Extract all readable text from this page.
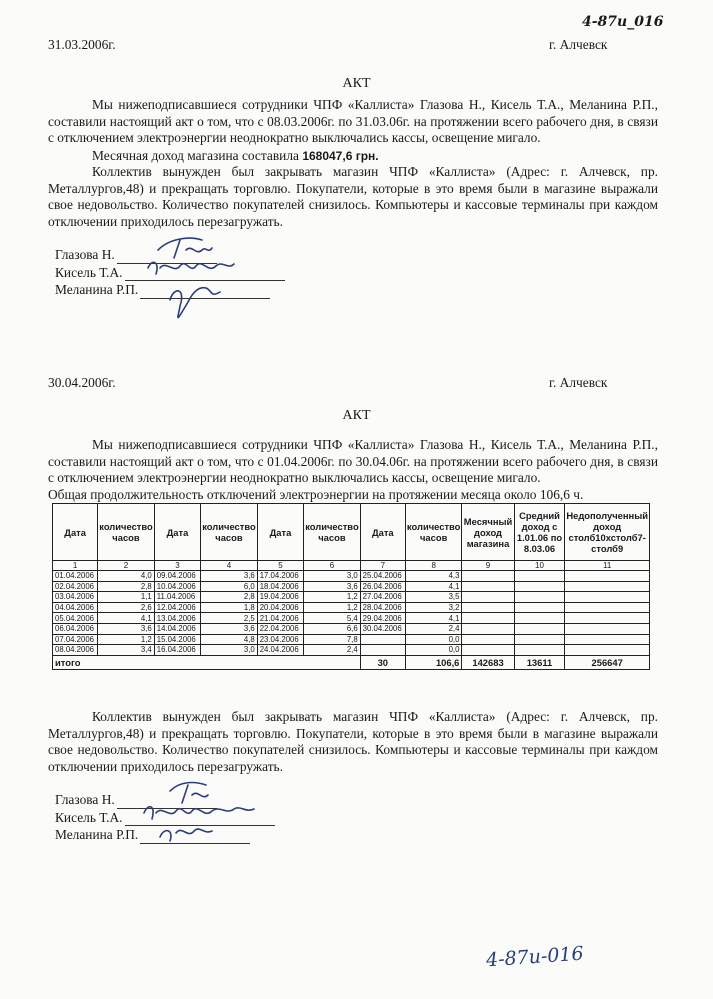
4-87и_016
31.03.2006г.	г. Алчевск
АКТ
Мы нижеподписавшиеся сотрудники ЧПФ «Каллиста» Глазова Н., Кисель Т.А., Меланина Р.П., составили настоящий акт о том, что с 08.03.2006г. по 31.03.06г. на протяжении всего рабочего дня, в связи с отключением электроэнергии неоднократно выключались кассы, освещение мигало.
Месячная доход магазина составила 168047,6 грн.
Коллектив вынужден был закрывать магазин ЧПФ «Каллиста» (Адрес: г. Алчевск, пр. Металлургов,48) и прекращать торговлю. Покупатели, которые в это время были в магазине выражали свое недовольство. Количество покупателей снизилось. Компьютеры и кассовые терминалы при каждом отключении приходилось перезагружать.
Глазова Н.
Кисель Т.А.
Меланина Р.П.
30.04.2006г.	г. Алчевск
АКТ
Мы нижеподписавшиеся сотрудники ЧПФ «Каллиста» Глазова Н., Кисель Т.А., Меланина Р.П., составили настоящий акт о том, что с 01.04.2006г. по 30.04.06г. на протяжении всего рабочего дня, в связи с отключением электроэнергии неоднократно выключались кассы, освещение мигало.
Общая продолжительность отключений электроэнергии на протяжении месяца около 106,6 ч.
Дата	количество часов	Дата	количество часов	Дата	количество часов	Дата	количество часов	Месячный доход магазина	Средний доход с 1.01.06 по 8.03.06	Недополученный доход столб10хстолб7-столб9
1	2	3	4	5	6	7	8	9	10	11
01.04.2006	4,0	09.04.2006	3,6	17.04.2006	3,0	25.04.2006	4,3			
02.04.2006	2,8	10.04.2006	6,0	18.04.2006	3,6	26.04.2006	4,1			
03.04.2006	1,1	11.04.2006	2,8	19.04.2006	1,2	27.04.2006	3,5			
04.04.2006	2,6	12.04.2006	1,8	20.04.2006	1,2	28.04.2006	3,2			
05.04.2006	4,1	13.04.2006	2,5	21.04.2006	5,4	29.04.2006	4,1			
06.04.2006	3,6	14.04.2006	3,6	22.04.2006	6,6	30.04.2006	2,4			
07.04.2006	1,2	15.04.2006	4,8	23.04.2006	7,8		0,0			
08.04.2006	3,4	16.04.2006	3,0	24.04.2006	2,4		0,0			
итого						30	106,6	142683	13611	256647
Коллектив вынужден был закрывать магазин ЧПФ «Каллиста» (Адрес: г. Алчевск, пр. Металлургов,48) и прекращать торговлю. Покупатели, которые в это время были в магазине выражали свое недовольство. Количество покупателей снизилось. Компьютеры и кассовые терминалы при каждом отключении приходилось перезагружать.
Глазова Н.
Кисель Т.А.
Меланина Р.П.
4-87и-016
